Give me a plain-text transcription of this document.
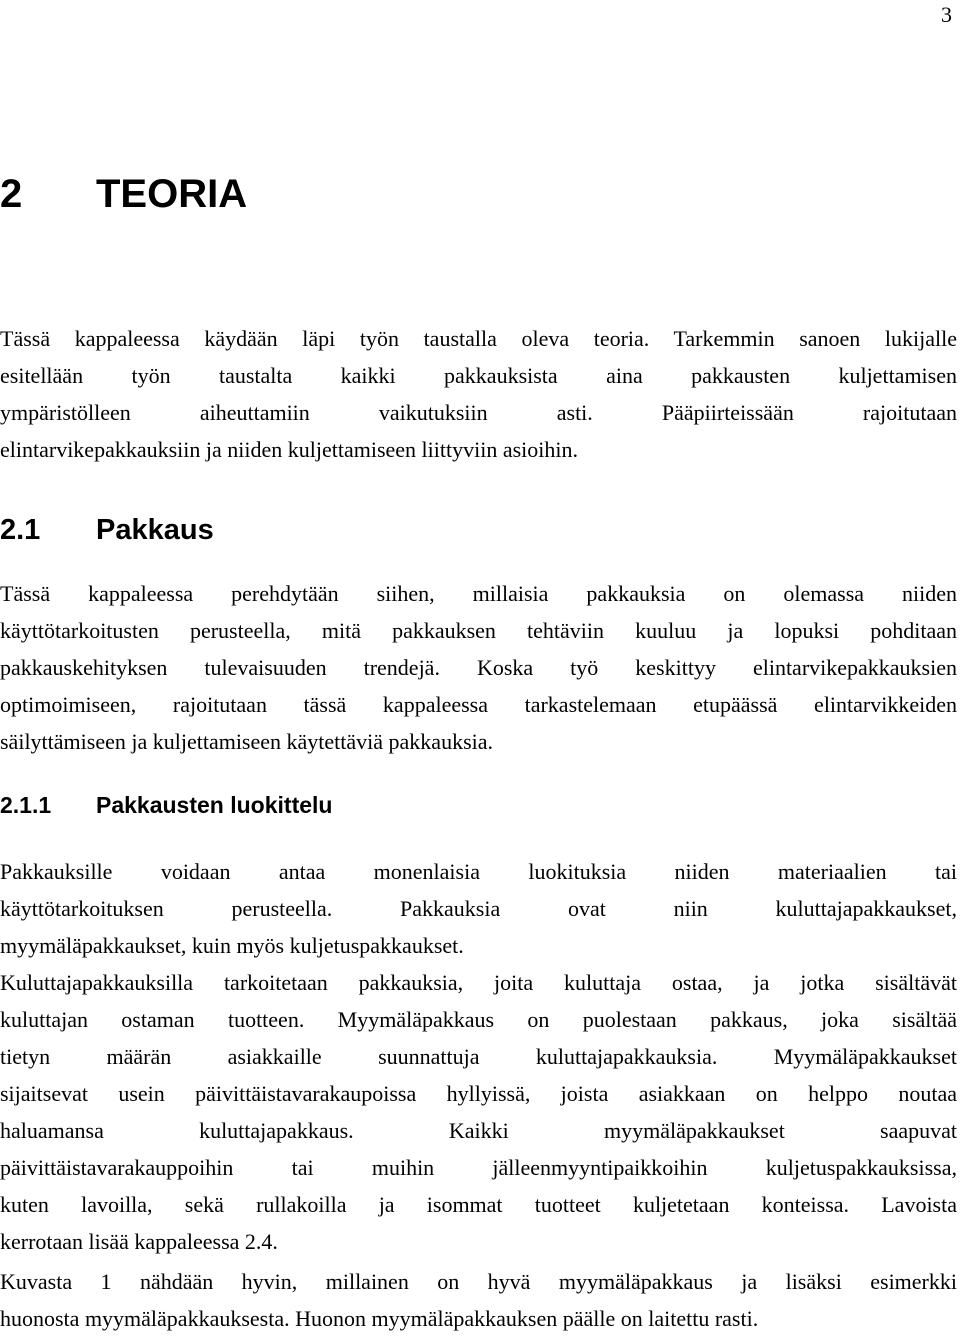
3
2 TEORIA

Tässä kappaleessa käydään läpi työn taustalla oleva teoria. Tarkemmin sanoen lukijalle
esitellään työn taustalta kaikki pakkauksista aina pakkausten kuljettamisen
ympäristölleen aiheuttamiin vaikutuksiin asti. Pääpiirteissään rajoitutaan
elintarvikepakkauksiin ja niiden kuljettamiseen liittyviin asioihin.

2.1 Pakkaus

Tässä kappaleessa perehdytään siihen, millaisia pakkauksia on olemassa niiden
käyttötarkoitusten perusteella, mitä pakkauksen tehtäviin kuuluu ja lopuksi pohditaan
pakkauskehityksen tulevaisuuden trendejä. Koska työ keskittyy elintarvikepakkauksien
optimoimiseen, rajoitutaan tässä kappaleessa tarkastelemaan etupäässä elintarvikkeiden
säilyttämiseen ja kuljettamiseen käytettäviä pakkauksia.

2.1.1 Pakkausten luokittelu

Pakkauksille voidaan antaa monenlaisia luokituksia niiden materiaalien tai
käyttötarkoituksen perusteella. Pakkauksia ovat niin kuluttajapakkaukset,
myymäläpakkaukset, kuin myös kuljetuspakkaukset.

Kuluttajapakkauksilla tarkoitetaan pakkauksia, joita kuluttaja ostaa, ja jotka sisältävät
kuluttajan ostaman tuotteen. Myymäläpakkaus on puolestaan pakkaus, joka sisältää
tietyn määrän asiakkaille suunnattuja kuluttajapakkauksia. Myymäläpakkaukset
sijaitsevat usein päivittäistavarakaupoissa hyllyissä, joista asiakkaan on helppo noutaa
haluamansa kuluttajapakkaus. Kaikki myymäläpakkaukset saapuvat
päivittäistavarakauppoihin tai muihin jälleenmyyntipaikkoihin kuljetuspakkauksissa,
kuten lavoilla, sekä rullakoilla ja isommat tuotteet kuljetetaan konteissa. Lavoista
kerrotaan lisää kappaleessa 2.4.

Kuvasta 1 nähdään hyvin, millainen on hyvä myymäläpakkaus ja lisäksi esimerkki
huonosta myymäläpakkauksesta. Huonon myymäläpakkauksen päälle on laitettu rasti.
